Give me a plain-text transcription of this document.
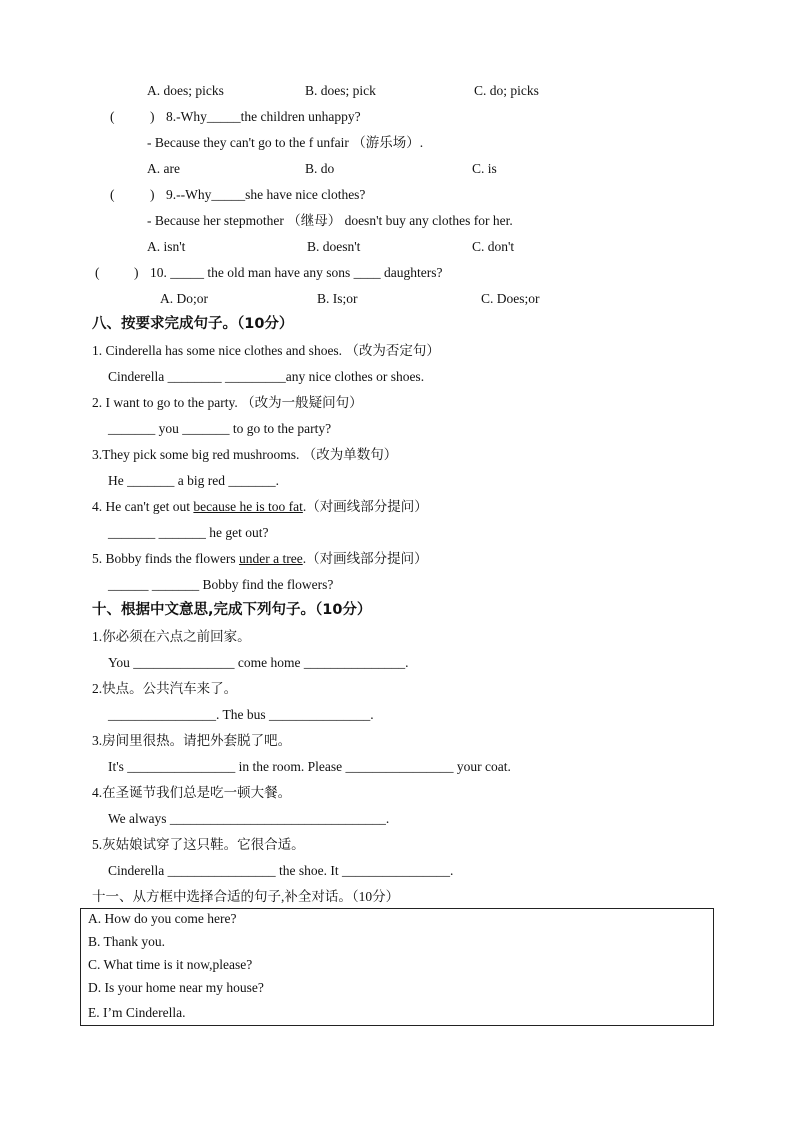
A. does; picks	B. does; pick	C. do; picks
(	) 8.-Why_____the children unhappy?
- Because they can't go to the f unfair （游乐场）.
A. are	B. do	C. is
(	) 9.--Why_____she have nice clothes?
- Because her stepmother （继母） doesn't buy any clothes for her.
A. isn't	B. doesn't	C. don't
(	) 10. _____ the old man have any sons ____ daughters?
A. Do;or	B. Is;or	C. Does;or
八、按要求完成句子。（10分）
1. Cinderella has some nice clothes and shoes. （改为否定句）
Cinderella ________ _________any nice clothes or shoes.
2. I want to go to the party. （改为一般疑问句）
_______ you _______ to go to the party?
3.They pick some big red mushrooms. （改为单数句）
He _______ a big red _______.
4. He can't get out because he is too fat.（对画线部分提问）
_______ _______ he get out?
5. Bobby finds the flowers under a tree.（对画线部分提问）
______ _______ Bobby find the flowers?
十、根据中文意思,完成下列句子。（10分）
1.你必须在六点之前回家。
You _______________ come home _______________.
2.快点。公共汽车来了。
________________. The bus _______________.
3.房间里很热。请把外套脱了吧。
It's ________________ in the room. Please ________________ your coat.
4.在圣诞节我们总是吃一顿大餐。
We always ________________________________.
5.灰姑娘试穿了这只鞋。它很合适。
Cinderella ________________ the shoe. It ________________.
十一、从方框中选择合适的句子,补全对话。（10分）
A. How do you come here?
B. Thank you.
C. What time is it now,please?
D. Is your home near my house?
E. I’m Cinderella.
